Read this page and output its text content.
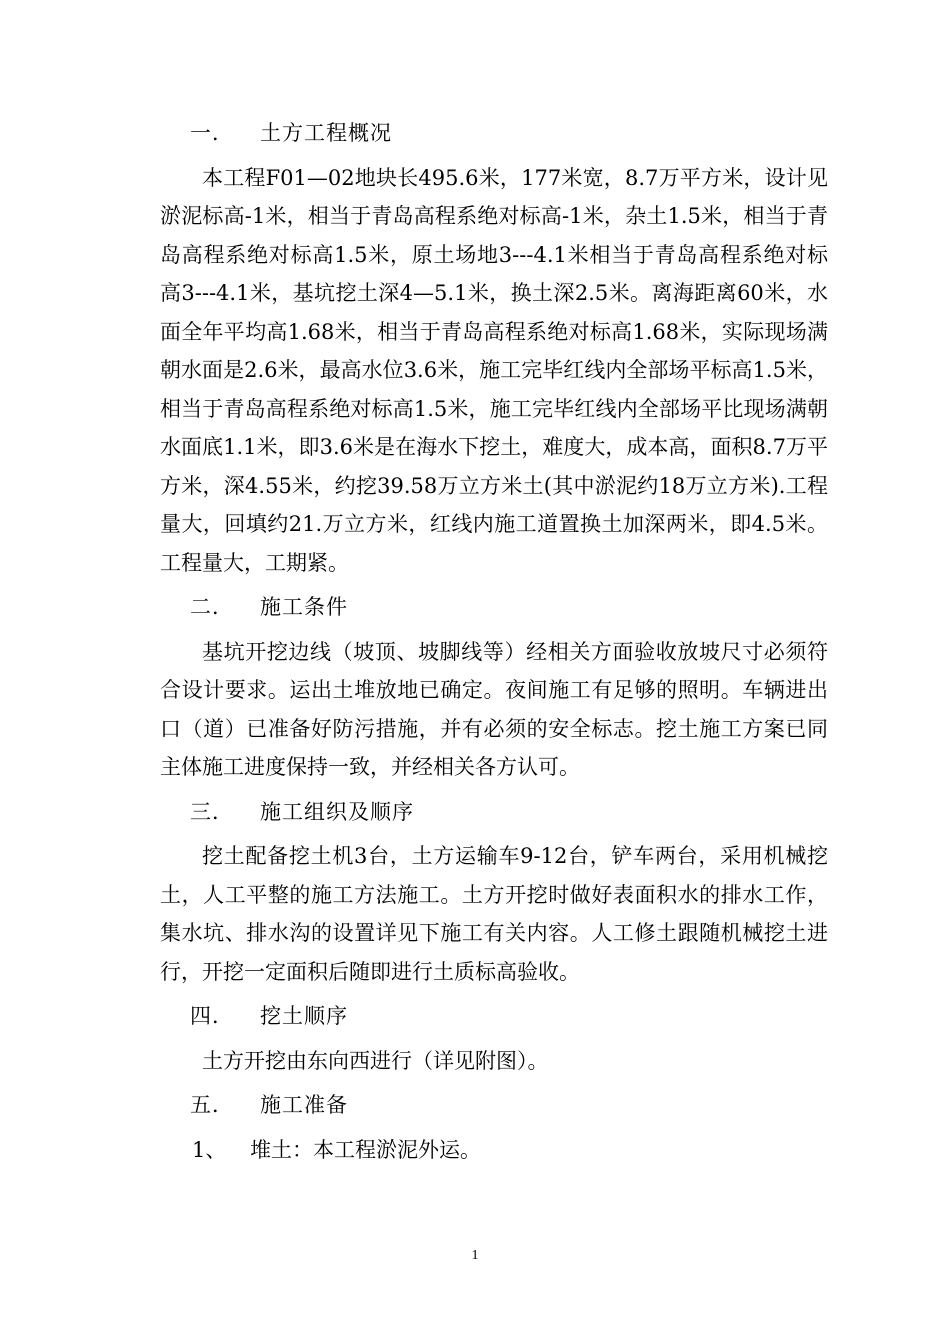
一．	土方工程概况

本工程F01—02地块长495.6米，177米宽，8.7万平方米，设计见淤泥标高-1米，相当于青岛高程系绝对标高-1米，杂土1.5米，相当于青岛高程系绝对标高1.5米，原土场地3---4.1米相当于青岛高程系绝对标高3---4.1米，基坑挖土深4—5.1米，换土深2.5米。离海距离60米，水面全年平均高1.68米，相当于青岛高程系绝对标高1.68米，实际现场满朝水面是2.6米，最高水位3.6米，施工完毕红线内全部场平标高1.5米，相当于青岛高程系绝对标高1.5米，施工完毕红线内全部场平比现场满朝水面底1.1米，即3.6米是在海水下挖土，难度大，成本高，面积8.7万平方米，深4.55米，约挖39.58万立方米土(其中淤泥约18万立方米).工程量大，回填约21.万立方米，红线内施工道置换土加深两米，即4.5米。工程量大，工期紧。

二．	施工条件

基坑开挖边线（坡顶、坡脚线等）经相关方面验收放坡尺寸必须符合设计要求。运出土堆放地已确定。夜间施工有足够的照明。车辆进出口（道）已准备好防污措施，并有必须的安全标志。挖土施工方案已同主体施工进度保持一致，并经相关各方认可。

三．	施工组织及顺序

挖土配备挖土机3台，土方运输车9-12台，铲车两台，采用机械挖土，人工平整的施工方法施工。土方开挖时做好表面积水的排水工作，集水坑、排水沟的设置详见下施工有关内容。人工修土跟随机械挖土进行，开挖一定面积后随即进行土质标高验收。

四．	挖土顺序

土方开挖由东向西进行（详见附图）。

五．	施工准备
1、	堆土：本工程淤泥外运。
1
